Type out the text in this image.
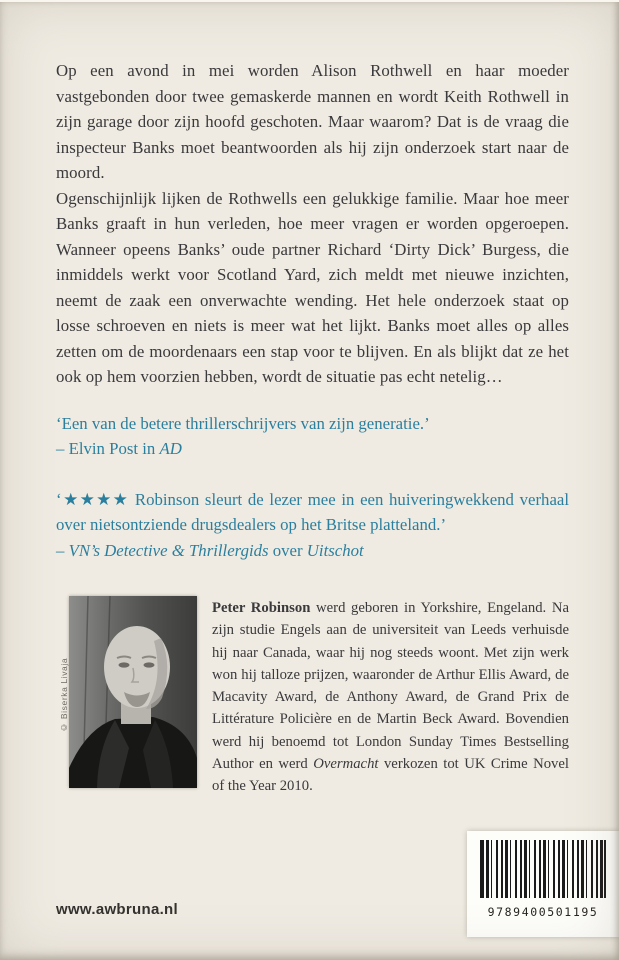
Op een avond in mei worden Alison Rothwell en haar moeder vastgebonden door twee gemaskerde mannen en wordt Keith Rothwell in zijn garage door zijn hoofd geschoten. Maar waarom? Dat is de vraag die inspecteur Banks moet beantwoorden als hij zijn onderzoek start naar de moord.

Ogenschijnlijk lijken de Rothwells een gelukkige familie. Maar hoe meer Banks graaft in hun verleden, hoe meer vragen er worden opgeroepen. Wanneer opeens Banks’ oude partner Richard ‘Dirty Dick’ Burgess, die inmiddels werkt voor Scotland Yard, zich meldt met nieuwe inzichten, neemt de zaak een onverwachte wending. Het hele onderzoek staat op losse schroeven en niets is meer wat het lijkt. Banks moet alles op alles zetten om de moordenaars een stap voor te blijven. En als blijkt dat ze het ook op hem voorzien hebben, wordt de situatie pas echt netelig…

‘Een van de betere thrillerschrijvers van zijn generatie.’

– Elvin Post in AD

‘★★★★ Robinson sleurt de lezer mee in een huiveringwekkend verhaal over nietsontziende drugsdealers op het Britse platteland.’

– VN’s Detective & Thrillergids over Uitschot

© Biserka Livaja

Peter Robinson werd geboren in Yorkshire, Engeland. Na zijn studie Engels aan de universiteit van Leeds verhuisde hij naar Canada, waar hij nog steeds woont. Met zijn werk won hij talloze prijzen, waaronder de Arthur Ellis Award, de Macavity Award, de Anthony Award, de Grand Prix de Littérature Policière en de Martin Beck Award. Bovendien werd hij benoemd tot London Sunday Times Bestselling Author en werd Overmacht verkozen tot UK Crime Novel of the Year 2010.

www.awbruna.nl	9789400501195
